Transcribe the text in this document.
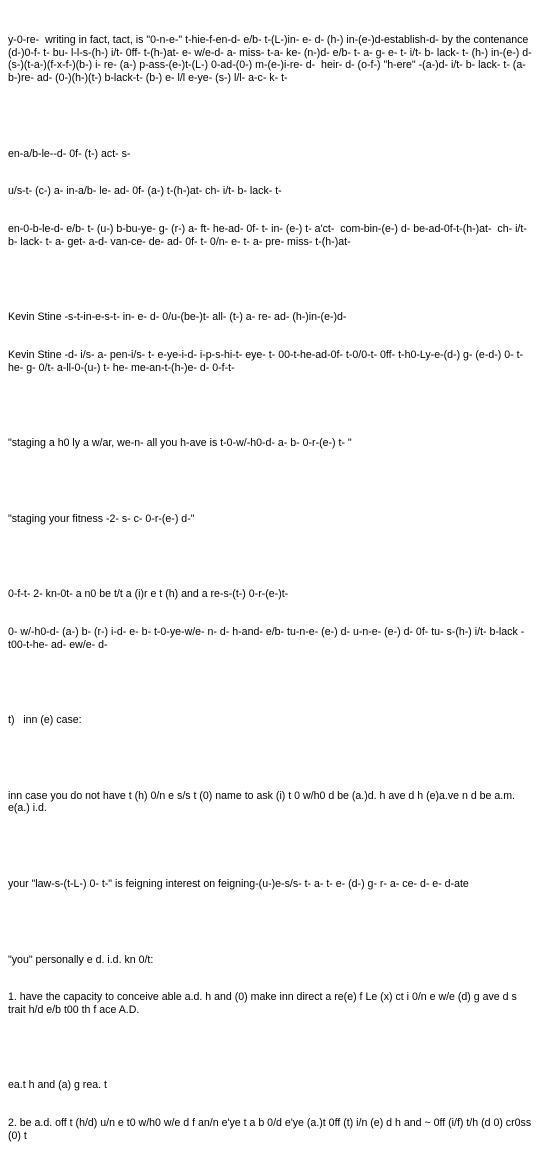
y-0-re-  writing in fact, tact, is "0-n-e-" t-hie-f-en-d- e/b- t-(L-)in- e- d- (h-) in-(e-)d-establish-d- by the contenance (d-)0-f- t- bu- l-l-s-(h-) i/t- 0ff- t-(h-)at- e- w/e-d- a- miss- t-a- ke- (n-)d- e/b- t- a- g- e- t- i/t- b- lack- t- (h-) in-(e-) d- (s-)(t-a-)(f-x-f-)(b-) i- re- (a-) p-ass-(e-)t-(L-) 0-ad-(0-) m-(e-)i-re- d-  heir- d- (o-f-) "h-ere" -(a-)d- i/t- b- lack- t- (a-b-)re- ad- (0-)(h-)(t-) b-lack-t- (b-) e- l/l e-ye- (s-) l/l- a-c- k- t-

en-a/b-le--d- 0f- (t-) act- s-

u/s-t- (c-) a- in-a/b- le- ad- 0f- (a-) t-(h-)at- ch- i/t- b- lack- t-

en-0-b-le-d- e/b- t- (u-) b-bu-ye- g- (r-) a- ft- he-ad- 0f- t- in- (e-) t- a'ct-  com-bin-(e-) d- be-ad-0f-t-(h-)at-  ch- i/t- b- lack- t- a- get- a-d- van-ce- de- ad- 0f- t- 0/n- e- t- a- pre- miss- t-(h-)at-

Kevin Stine -s-t-in-e-s-t- in- e- d- 0/u-(be-)t- all- (t-) a- re- ad- (h-)in-(e-)d-

Kevin Stine -d- i/s- a- pen-i/s- t- e-ye-i-d- i-p-s-hi-t- eye- t- 00-t-he-ad-0f- t-0/0-t- 0ff- t-h0-Ly-e-(d-) g- (e-d-) 0- t- he- g- 0/t- a-ll-0-(u-) t- he- me-an-t-(h-)e- d- 0-f-t-

"staging a h0 ly a w/ar, we-n- all you h-ave is t-0-w/-h0-d- a- b- 0-r-(e-) t- "

"staging your fitness -2- s- c- 0-r-(e-) d-"

0-f-t- 2- kn-0t- a n0 be t/t a (i)r e t (h) and a re-s-(t-) 0-r-(e-)t-

0- w/-h0-d- (a-) b- (r-) i-d- e- b- t-0-ye-w/e- n- d- h-and- e/b- tu-n-e- (e-) d- u-n-e- (e-) d- 0f- tu- s-(h-) i/t- b-lack -t00-t-he- ad- ew/e- d-

t)   inn (e) case:

inn case you do not have t (h) 0/n e s/s t (0) name to ask (i) t 0 w/h0 d be (a.)d. h ave d h (e)a.ve n d be a.m. e(a.) i.d.

your "law-s-(t-L-) 0- t-" is feigning interest on feigning-(u-)e-s/s- t- a- t- e- (d-) g- r- a- ce- d- e- d-ate

"you" personally e d. i.d. kn 0/t:

1. have the capacity to conceive able a.d. h and (0) make inn direct a re(e) f Le (x) ct i 0/n e w/e (d) g ave d s trait h/d e/b t00 th f ace A.D.

ea.t h and (a) g rea. t

2. be a.d. off t (h/d) u/n e t0 w/h0 w/e d f an/n e'ye t a b 0/d e'ye (a.)t 0ff (t) i/n (e) d h and ~ 0ff (i/f) t/h (d 0) cr0ss (0) t
